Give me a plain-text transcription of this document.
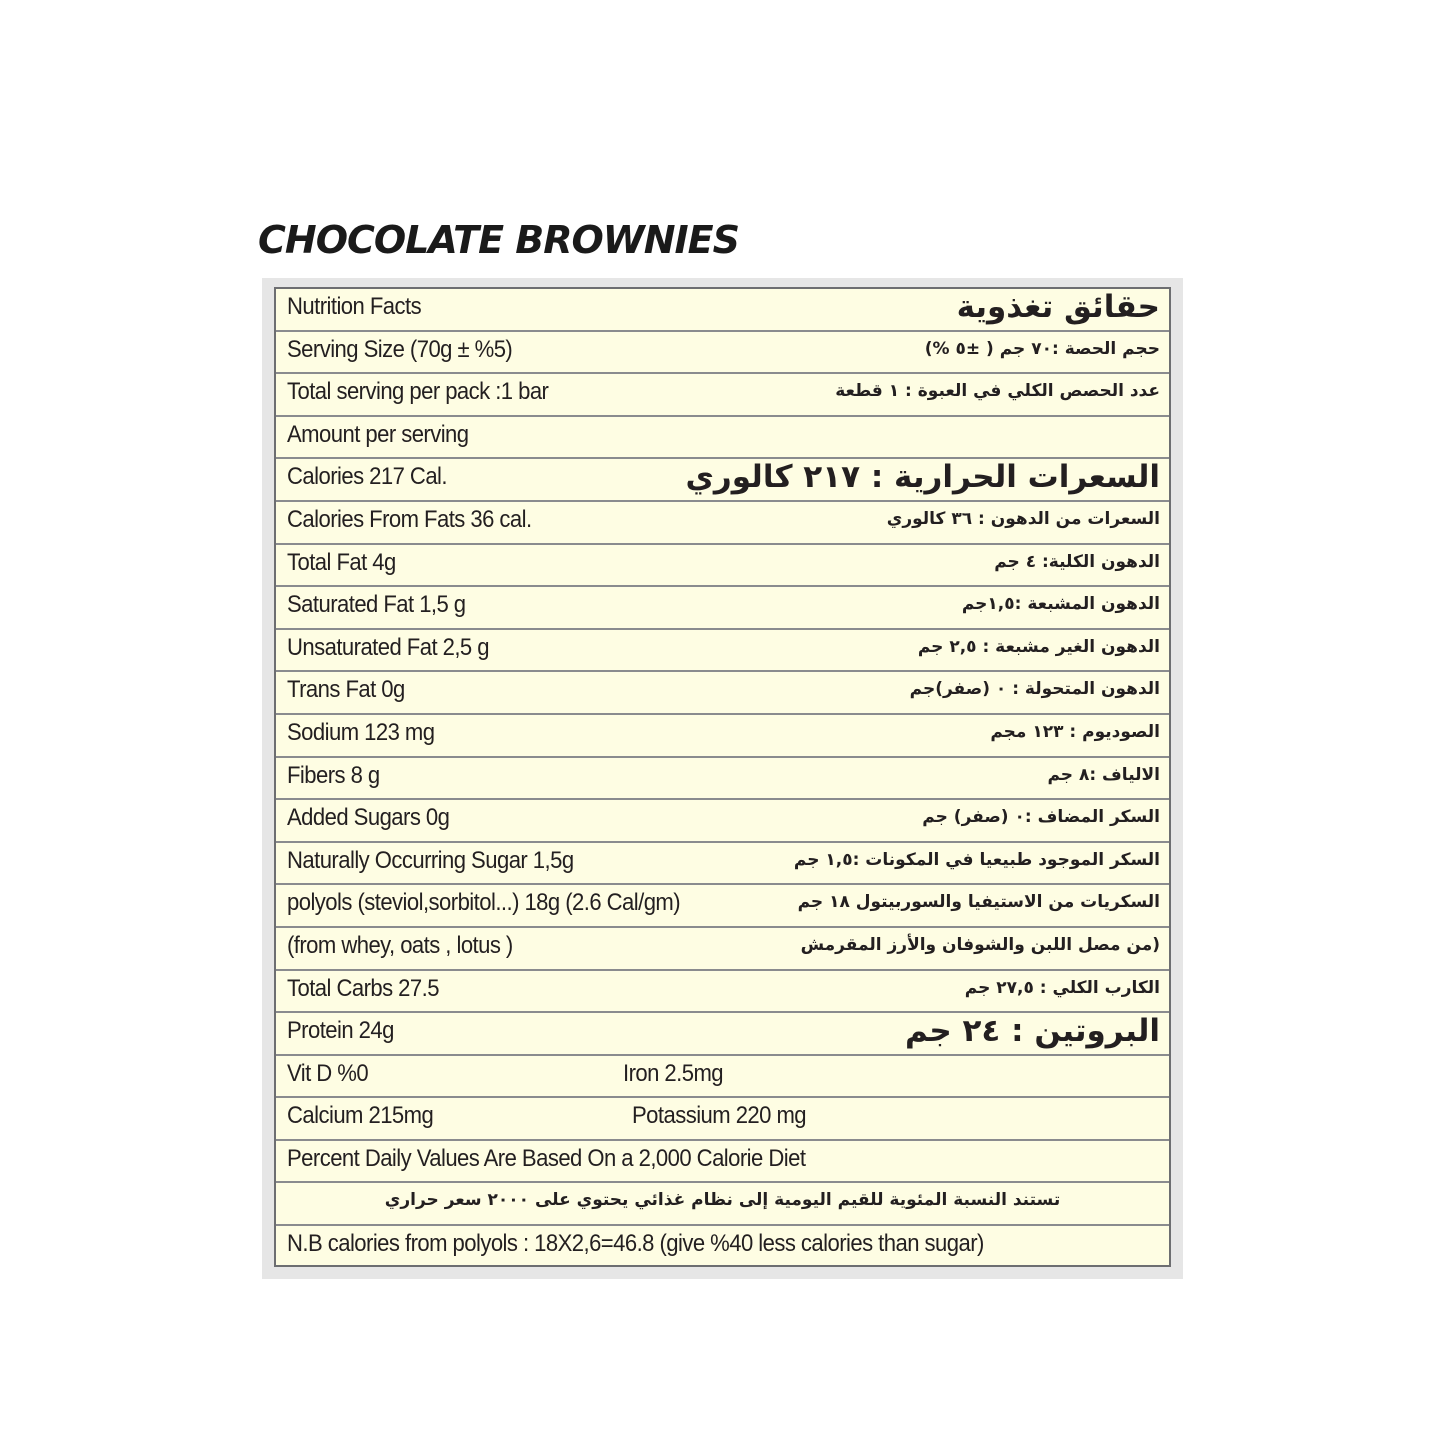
CHOCOLATE BROWNIES
Nutrition Facts	حقائق تغذوية
Serving Size (70g ± %5)	حجم الحصة :٧٠ جم ( ±٥ %)
Total serving per pack :1 bar	عدد الحصص الكلي في العبوة : ١ قطعة
Amount per serving
Calories 217 Cal.	السعرات الحرارية : ٢١٧ كالوري
Calories From Fats 36 cal.	السعرات من الدهون : ٣٦ كالوري
Total Fat 4g	الدهون الكلية: ٤ جم
Saturated Fat 1,5 g	الدهون المشبعة :١,٥جم
Unsaturated Fat 2,5 g	الدهون الغير مشبعة : ٢,٥ جم
Trans Fat 0g	الدهون المتحولة : ٠ (صفر)جم
Sodium 123 mg	الصوديوم : ١٢٣ مجم
Fibers 8 g	الالياف :٨ جم
Added Sugars 0g	السكر المضاف :٠ (صفر) جم
Naturally Occurring Sugar 1,5g	السكر الموجود طبيعيا في المكونات :١,٥ جم
polyols (steviol,sorbitol...) 18g (2.6 Cal/gm)	السكريات من الاستيفيا والسوربيتول ١٨ جم
(from whey, oats , lotus )	(من مصل اللبن والشوفان والأرز المقرمش
Total Carbs 27.5	الكارب الكلي : ٢٧,٥ جم
Protein 24g	البروتين : ٢٤ جم
Vit D %0	Iron 2.5mg
Calcium 215mg	Potassium 220 mg
Percent Daily Values Are Based On a 2,000 Calorie Diet
تستند النسبة المئوية للقيم اليومية إلى نظام غذائي يحتوي على ٢٠٠٠ سعر حراري
N.B calories from polyols : 18X2,6=46.8 (give %40 less calories than sugar)
